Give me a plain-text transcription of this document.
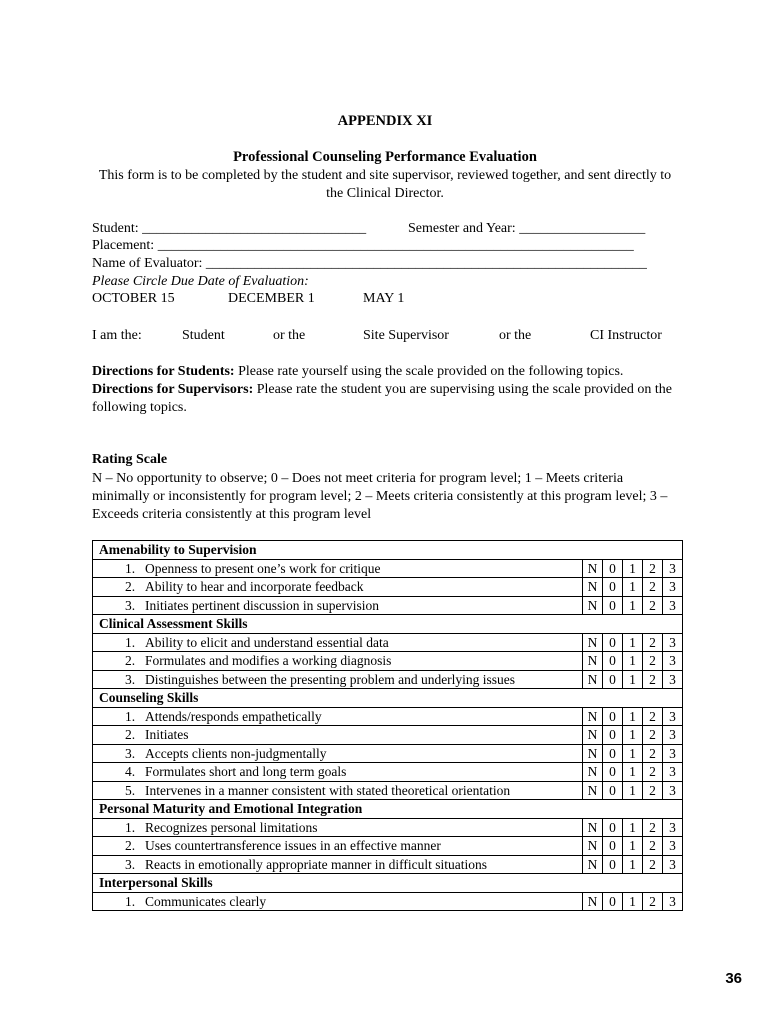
APPENDIX XI
Professional Counseling Performance Evaluation
This form is to be completed by the student and site supervisor, reviewed together, and sent directly to the Clinical Director.
Student: ________________________________	Semester and Year: __________________
Placement: ____________________________________________________________________
Name of Evaluator: _______________________________________________________________
Please Circle Due Date of Evaluation:
OCTOBER 15	DECEMBER 1	MAY 1
I am the:	Student	or the	Site Supervisor	or the	CI Instructor
Directions for Students: Please rate yourself using the scale provided on the following topics.
Directions for Supervisors: Please rate the student you are supervising using the scale provided on the following topics.
Rating Scale
N – No opportunity to observe; 0 – Does not meet criteria for program level; 1 – Meets criteria minimally or inconsistently for program level; 2 – Meets criteria consistently at this program level; 3 – Exceeds criteria consistently at this program level
Amenability to Supervision					
1. Openness to present one’s work for critique	N	0	1	2	3
2. Ability to hear and incorporate feedback	N	0	1	2	3
3. Initiates pertinent discussion in supervision	N	0	1	2	3
Clinical Assessment Skills					
1. Ability to elicit and understand essential data	N	0	1	2	3
2. Formulates and modifies a working diagnosis	N	0	1	2	3
3. Distinguishes between the presenting problem and underlying issues	N	0	1	2	3
Counseling Skills					
1. Attends/responds empathetically	N	0	1	2	3
2. Initiates	N	0	1	2	3
3. Accepts clients non-judgmentally	N	0	1	2	3
4. Formulates short and long term goals	N	0	1	2	3
5. Intervenes in a manner consistent with stated theoretical orientation	N	0	1	2	3
Personal Maturity and Emotional Integration					
1. Recognizes personal limitations	N	0	1	2	3
2. Uses countertransference issues in an effective manner	N	0	1	2	3
3. Reacts in emotionally appropriate manner in difficult situations	N	0	1	2	3
Interpersonal Skills					
1. Communicates clearly	N	0	1	2	3
36
